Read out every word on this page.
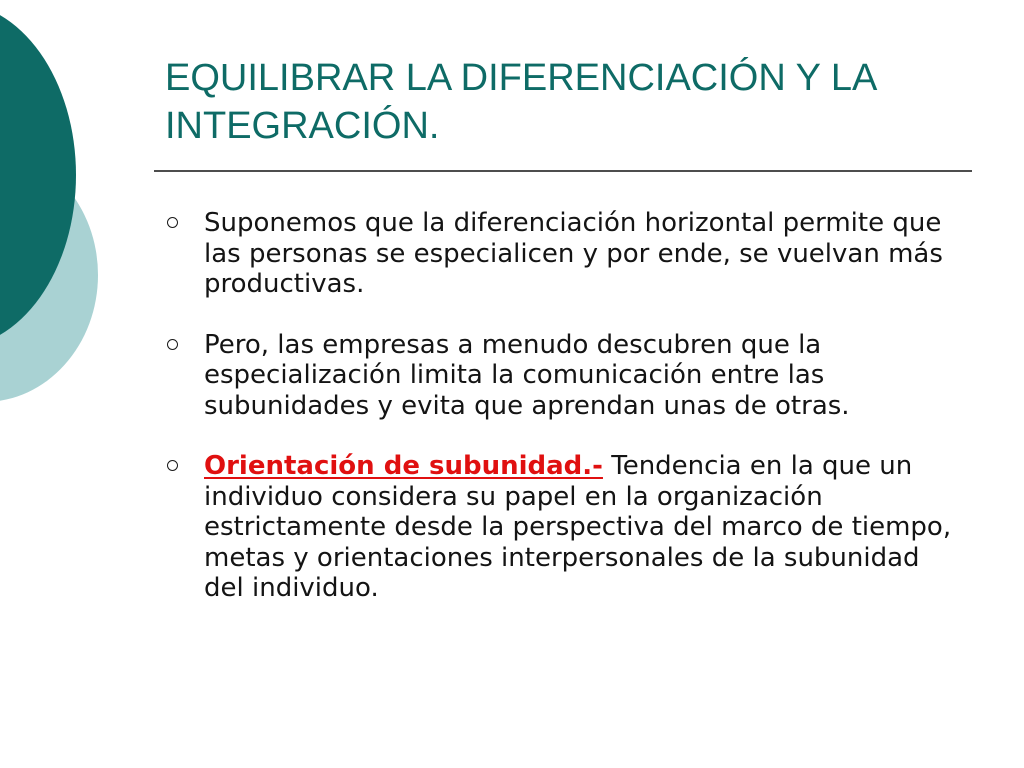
EQUILIBRAR LA DIFERENCIACIÓN Y LA INTEGRACIÓN.
Suponemos que la diferenciación horizontal permite que las personas se especialicen y por ende, se vuelvan más productivas.
Pero, las empresas a menudo descubren que la especialización limita la comunicación entre las subunidades y evita que aprendan unas de otras.
Orientación de subunidad.- Tendencia en la que un individuo considera su papel en la organización estrictamente desde la perspectiva del marco de tiempo, metas y orientaciones interpersonales de la subunidad del individuo.
